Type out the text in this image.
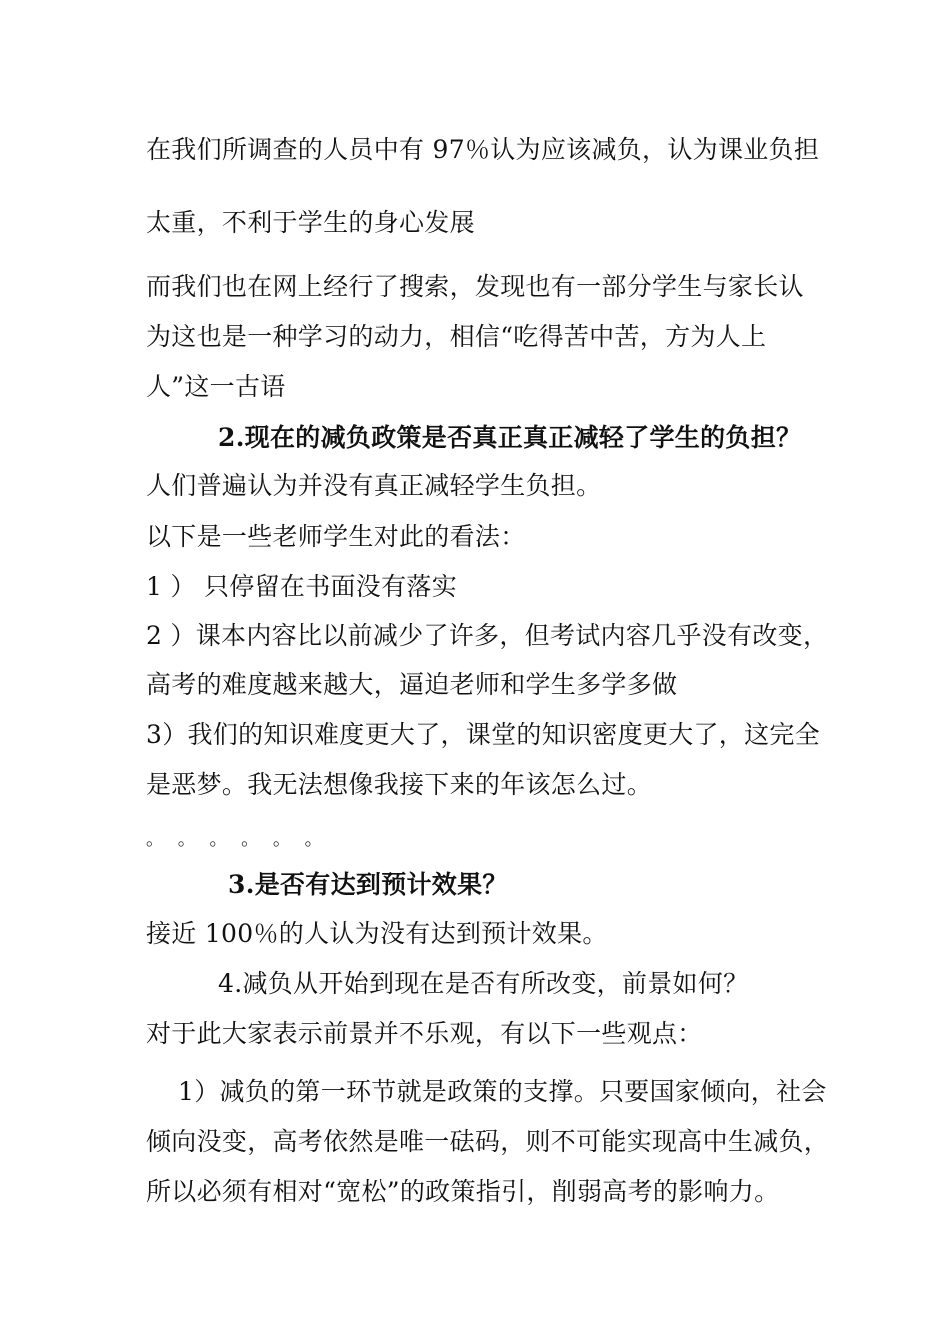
在我们所调查的人员中有 97％认为应该减负，认为课业负担
太重，不利于学生的身心发展
而我们也在网上经行了搜索，发现也有一部分学生与家长认
为这也是一种学习的动力，相信“吃得苦中苦，方为人上
人”这一古语
2.现在的减负政策是否真正真正减轻了学生的负担？
人们普遍认为并没有真正减轻学生负担。
以下是一些老师学生对此的看法：
1 ） 只停留在书面没有落实
2 ）课本内容比以前减少了许多，但考试内容几乎没有改变，
高考的难度越来越大，逼迫老师和学生多学多做
3）我们的知识难度更大了，课堂的知识密度更大了，这完全
是恶梦。我无法想像我接下来的年该怎么过。
。 。 。 。 。 。
3.是否有达到预计效果？
接近 100％的人认为没有达到预计效果。
4.减负从开始到现在是否有所改变，前景如何？
对于此大家表示前景并不乐观，有以下一些观点：
1）减负的第一环节就是政策的支撑。只要国家倾向，社会
倾向没变，高考依然是唯一砝码，则不可能实现高中生减负，
所以必须有相对“宽松”的政策指引，削弱高考的影响力。
